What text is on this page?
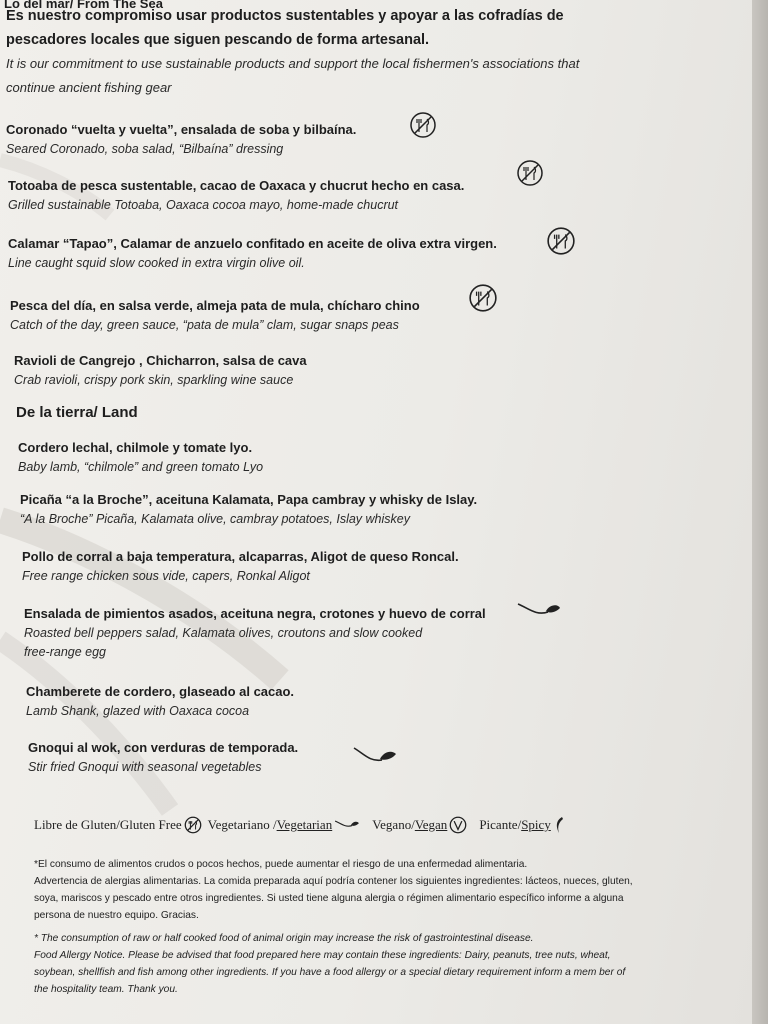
Lo del mar/ From The Sea
Es nuestro compromiso usar productos sustentables y apoyar a las cofradías de
pescadores locales que siguen pescando de forma artesanal.
It is our commitment to use sustainable products and support the local fishermen's associations that
continue ancient fishing gear
Coronado “vuelta y vuelta”, ensalada de soba y bilbaína.
Seared Coronado, soba salad, “Bilbaína” dressing
Totoaba de pesca sustentable, cacao de Oaxaca y chucrut hecho en casa.
Grilled sustainable Totoaba, Oaxaca cocoa mayo, home-made chucrut
Calamar “Tapao”, Calamar de anzuelo confitado en aceite de oliva extra virgen.
Line caught squid slow cooked in extra virgin olive oil.
Pesca del día, en salsa verde, almeja pata de mula, chícharo chino
Catch of the day, green sauce, “pata de mula” clam, sugar snaps peas
Ravioli de Cangrejo , Chicharron, salsa de cava
Crab ravioli, crispy pork skin, sparkling wine sauce
De la tierra/ Land
Cordero lechal, chilmole y tomate lyo.
Baby lamb, “chilmole” and green tomato Lyo
Picaña “a la Broche”, aceituna Kalamata, Papa cambray y whisky de Islay.
“A la Broche” Picaña, Kalamata olive, cambray potatoes, Islay whiskey
Pollo de corral a baja temperatura, alcaparras, Aligot de queso Roncal.
Free range chicken sous vide, capers, Ronkal Aligot
Ensalada de pimientos asados, aceituna negra, crotones y huevo de corral
Roasted bell peppers salad, Kalamata olives, croutons and slow cooked
free-range egg
Chamberete de cordero, glaseado al cacao.
Lamb Shank, glazed with Oaxaca cocoa
Gnoqui al wok, con verduras de temporada.
Stir fried Gnoqui with seasonal vegetables
Libre de Gluten/Gluten Free Vegetariano / Vegetarian	Vegano/ Vegan Picante/ Spicy
*El consumo de alimentos crudos o pocos hechos, puede aumentar el riesgo de una enfermedad alimentaria.
Advertencia de alergias alimentarias. La comida preparada aquí podría contener los siguientes ingredientes: lácteos, nueces, gluten,
soya, mariscos y pescado entre otros ingredientes. Si usted tiene alguna alergia o régimen alimentario específico informe a alguna
persona de nuestro equipo. Gracias.
* The consumption of raw or half cooked food of animal origin may increase the risk of gastrointestinal disease.
Food Allergy Notice. Please be advised that food prepared here may contain these ingredients: Dairy, peanuts, tree nuts, wheat,
soybean, shellfish and fish among other ingredients. If you have a food allergy or a special dietary requirement inform a mem ber of
the hospitality team. Thank you.
